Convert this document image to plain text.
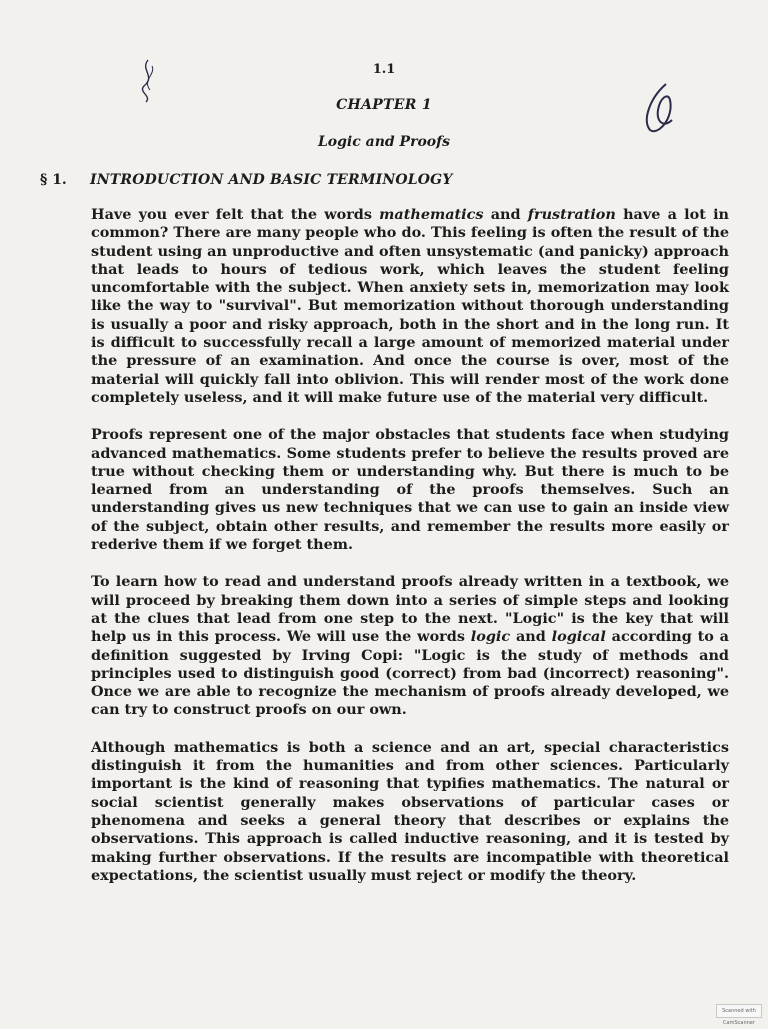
1.1
CHAPTER 1
Logic and Proofs
§ 1. INTRODUCTION AND BASIC TERMINOLOGY

Have you ever felt that the words mathematics and frustration have a lot in common? There are many people who do. This feeling is often the result of the student using an unproductive and often unsystematic (and panicky) approach that leads to hours of tedious work, which leaves the student feeling uncomfortable with the subject. When anxiety sets in, memorization may look like the way to "survival". But memorization without thorough understanding is usually a poor and risky approach, both in the short and in the long run. It is difficult to successfully recall a large amount of memorized material under the pressure of an examination. And once the course is over, most of the material will quickly fall into oblivion. This will render most of the work done completely useless, and it will make future use of the material very difficult.

Proofs represent one of the major obstacles that students face when studying advanced mathematics. Some students prefer to believe the results proved are true without checking them or understanding why. But there is much to be learned from an understanding of the proofs themselves. Such an understanding gives us new techniques that we can use to gain an inside view of the subject, obtain other results, and remember the results more easily or rederive them if we forget them.

To learn how to read and understand proofs already written in a textbook, we will proceed by breaking them down into a series of simple steps and looking at the clues that lead from one step to the next. "Logic" is the key that will help us in this process. We will use the words logic and logical according to a definition suggested by Irving Copi: "Logic is the study of methods and principles used to distinguish good (correct) from bad (incorrect) reasoning". Once we are able to recognize the mechanism of proofs already developed, we can try to construct proofs on our own.

Although mathematics is both a science and an art, special characteristics distinguish it from the humanities and from other sciences. Particularly important is the kind of reasoning that typifies mathematics. The natural or social scientist generally makes observations of particular cases or phenomena and seeks a general theory that describes or explains the observations. This approach is called inductive reasoning, and it is tested by making further observations. If the results are incompatible with theoretical expectations, the scientist usually must reject or modify the theory.

Scanned with CamScanner
